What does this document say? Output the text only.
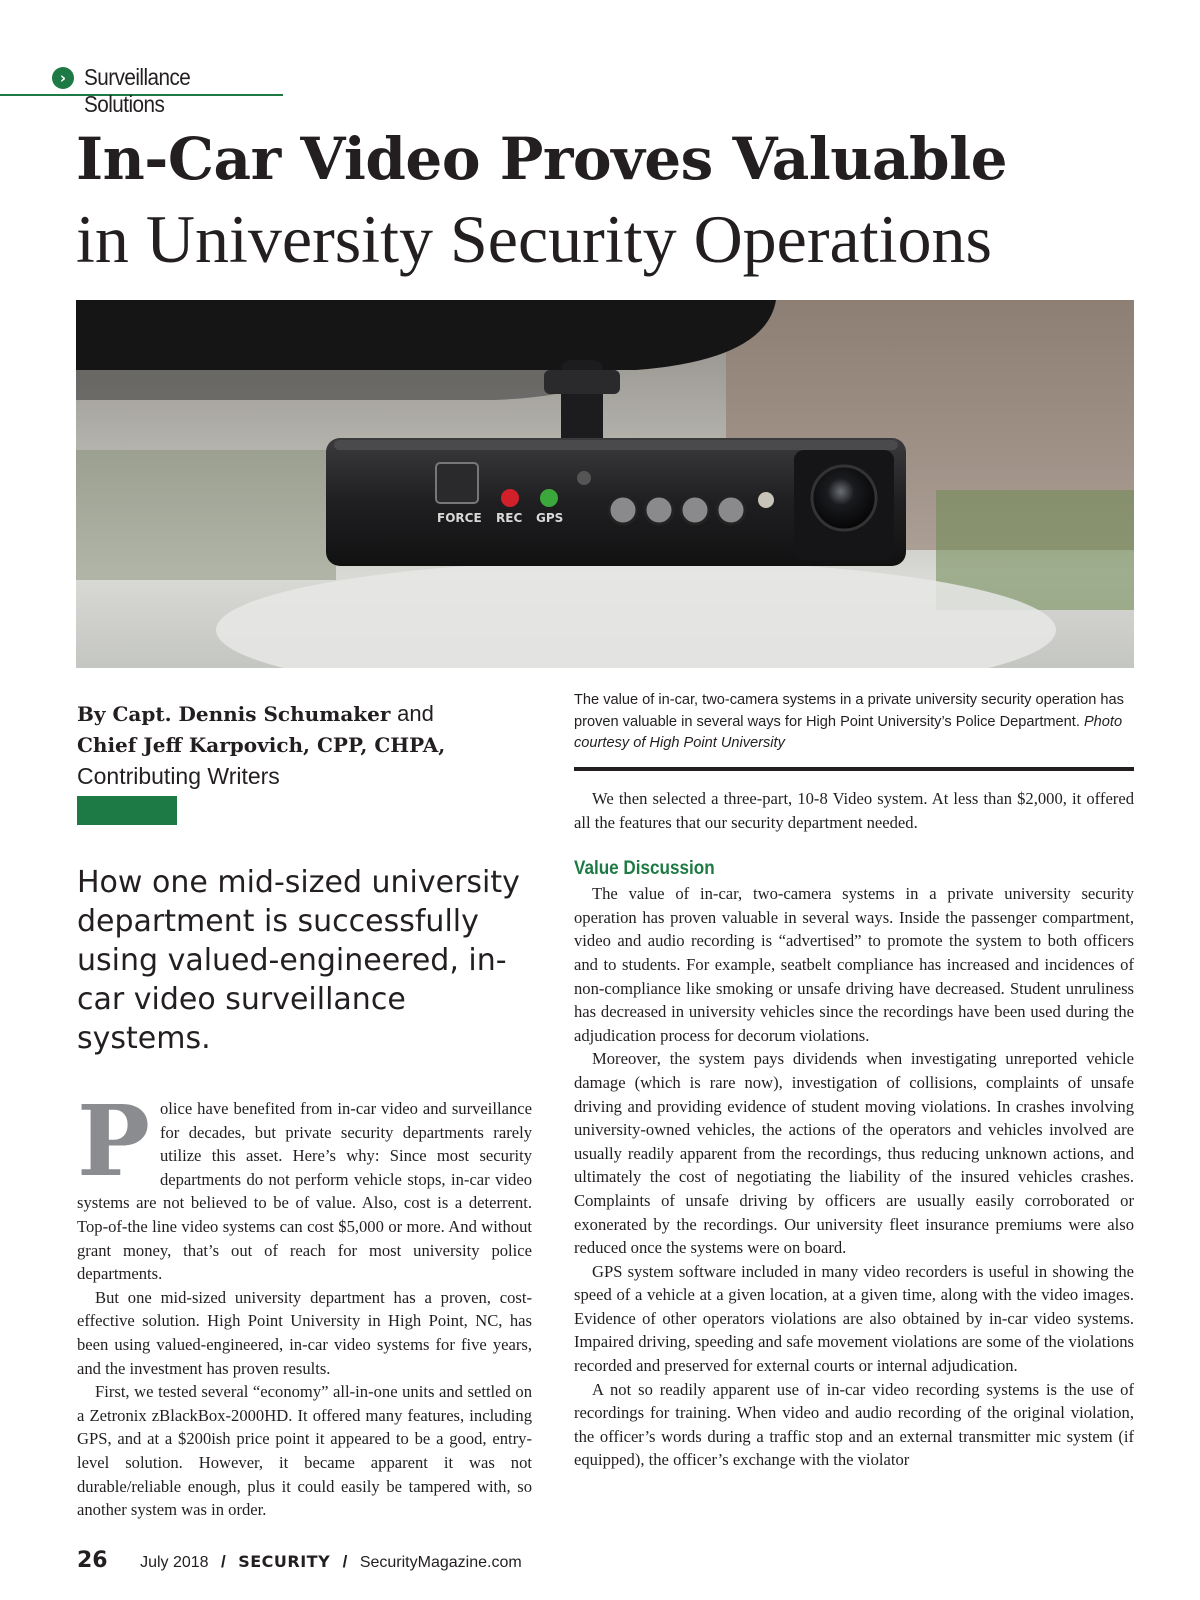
› Surveillance Solutions
In-Car Video Proves Valuable
in University Security Operations
FORCE REC GPS
By Capt. Dennis Schumaker and
Chief Jeff Karpovich, CPP, CHPA,
Contributing Writers

How one mid-sized university department is successfully using valued-engineered, in-car video surveillance systems.

Police have benefited from in-car video and surveillance for decades, but private security departments rarely utilize this asset. Here’s why: Since most security departments do not perform vehicle stops, in-car video systems are not believed to be of value. Also, cost is a deterrent. Top-of-the line video systems can cost $5,000 or more. And without grant money, that’s out of reach for most university police departments.

But one mid-sized university department has a proven, cost-effective solution. High Point University in High Point, NC, has been using valued-engineered, in-car video systems for five years, and the investment has proven results.

First, we tested several “economy” all-in-one units and settled on a Zetronix zBlackBox-2000HD. It offered many features, including GPS, and at a $200ish price point it appeared to be a good, entry-level solution. However, it became apparent it was not durable/reliable enough, plus it could easily be tampered with, so another system was in order.

The value of in-car, two-camera systems in a private university security operation has proven valuable in several ways for High Point University’s Police Department. Photo courtesy of High Point University

We then selected a three-part, 10-8 Video system. At less than $2,000, it offered all the features that our security department needed.

Value Discussion

The value of in-car, two-camera systems in a private university security operation has proven valuable in several ways. Inside the passenger compartment, video and audio recording is “advertised” to promote the system to both officers and to students. For example, seatbelt compliance has increased and incidences of non-compliance like smoking or unsafe driving have decreased. Student unruliness has decreased in university vehicles since the recordings have been used during the adjudication process for decorum violations.

Moreover, the system pays dividends when investigating unreported vehicle damage (which is rare now), investigation of collisions, complaints of unsafe driving and providing evidence of student moving violations. In crashes involving university-owned vehicles, the actions of the operators and vehicles involved are usually readily apparent from the recordings, thus reducing unknown actions, and ultimately the cost of negotiating the liability of the insured vehicles crashes. Complaints of unsafe driving by officers are usually easily corroborated or exonerated by the recordings. Our university fleet insurance premiums were also reduced once the systems were on board.

GPS system software included in many video recorders is useful in showing the speed of a vehicle at a given location, at a given time, along with the video images. Evidence of other operators violations are also obtained by in-car video systems. Impaired driving, speeding and safe movement violations are some of the violations recorded and preserved for external courts or internal adjudication.

A not so readily apparent use of in-car video recording systems is the use of recordings for training. When video and audio recording of the original violation, the officer’s words during a traffic stop and an external transmitter mic system (if equipped), the officer’s exchange with the violator

26 July 2018 / SECURITY / SecurityMagazine.com
